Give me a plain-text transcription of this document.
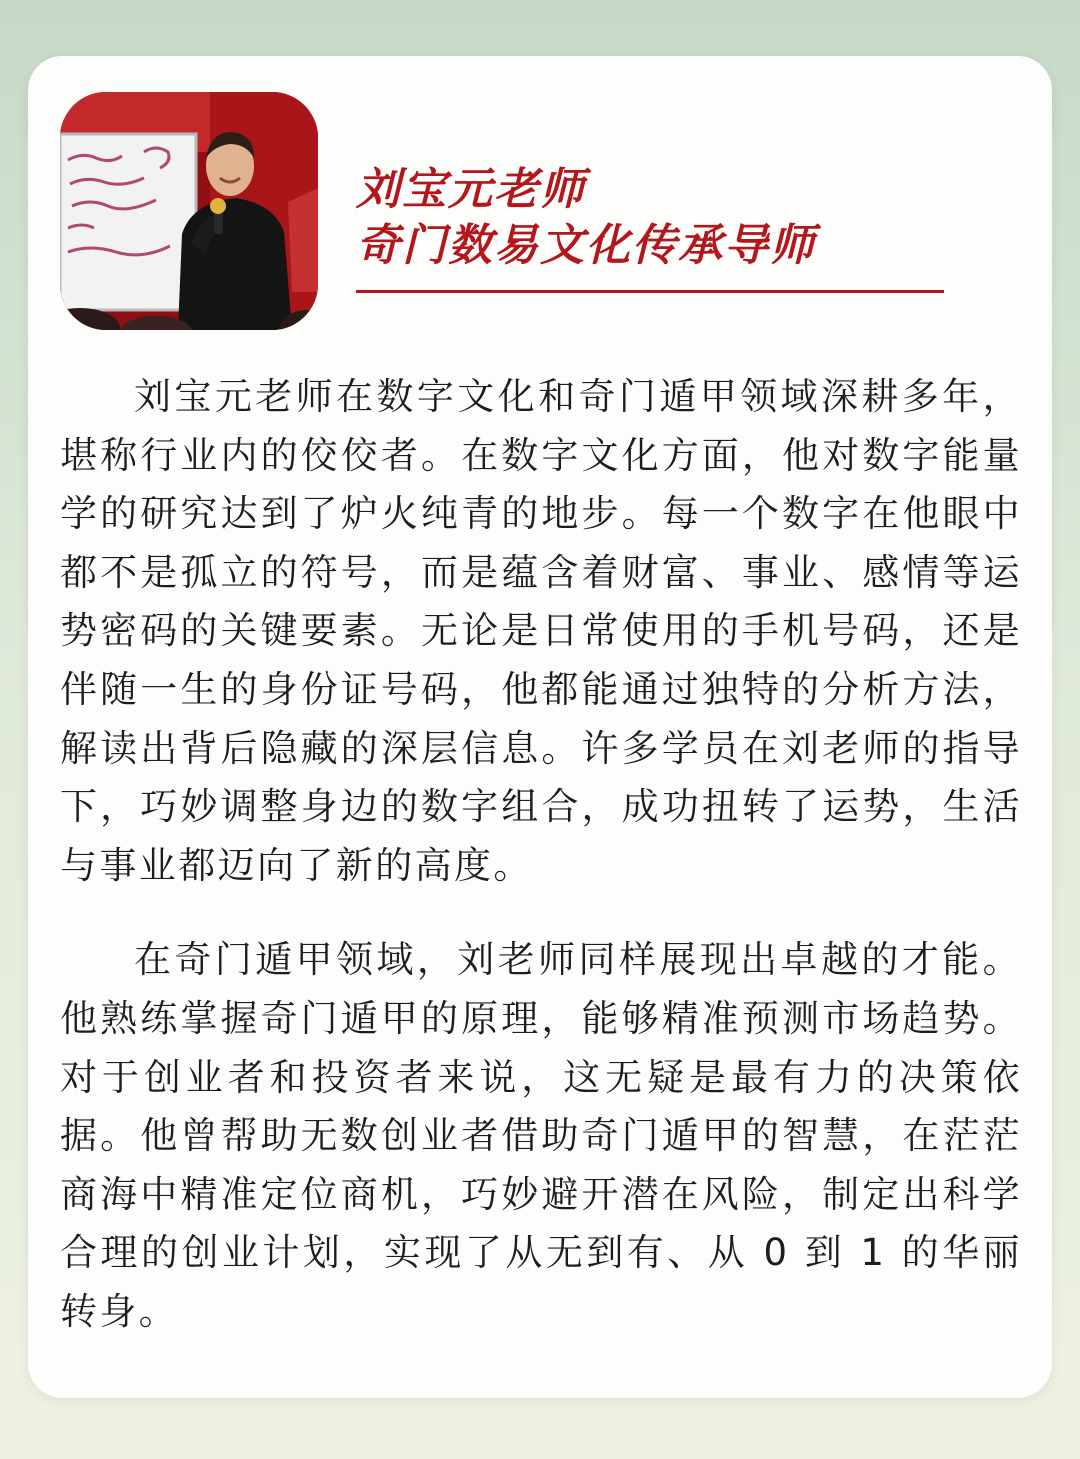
刘宝元老师
奇门数易文化传承导师

刘宝元老师在数字文化和奇门遁甲领域深耕多年，堪称行业内的佼佼者。在数字文化方面，他对数字能量学的研究达到了炉火纯青的地步。每一个数字在他眼中都不是孤立的符号，而是蕴含着财富、事业、感情等运势密码的关键要素。无论是日常使用的手机号码，还是伴随一生的身份证号码，他都能通过独特的分析方法，解读出背后隐藏的深层信息。许多学员在刘老师的指导下，巧妙调整身边的数字组合，成功扭转了运势，生活与事业都迈向了新的高度。

在奇门遁甲领域，刘老师同样展现出卓越的才能。他熟练掌握奇门遁甲的原理，能够精准预测市场趋势。对于创业者和投资者来说，这无疑是最有力的决策依据。他曾帮助无数创业者借助奇门遁甲的智慧，在茫茫商海中精准定位商机，巧妙避开潜在风险，制定出科学合理的创业计划，实现了从无到有、从 0 到 1 的华丽转身。
